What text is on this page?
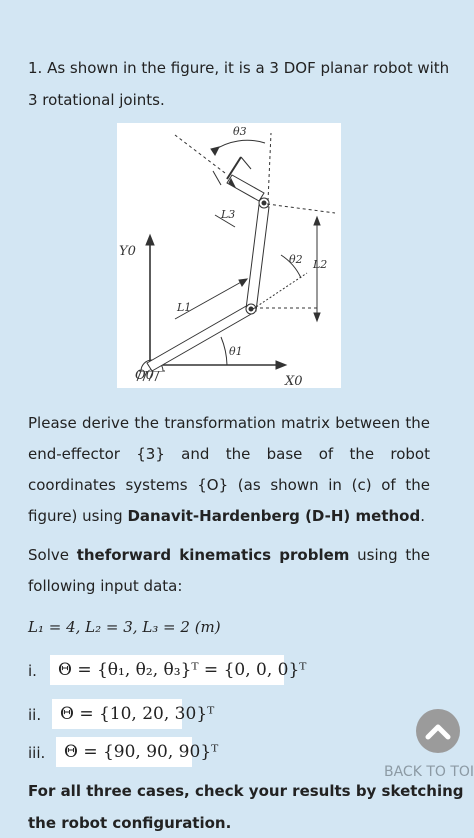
1. As shown in the figure, it is a 3 DOF planar robot with
3 rotational joints.
θ3
L3
Y0
θ2 L2
L1
θ1
X0
O0
Please derive the transformation matrix between the end-effector {3} and the base of the robot coordinates systems {O} (as shown in (c) of the figure) using Danavit-Hardenberg (D-H) method.
Solve theforward kinematics problem using the following input data:
L₁ = 4, L₂ = 3, L₃ = 2 (m)
i.	Θ = {θ₁, θ₂, θ₃}ᵀ = {0, 0, 0}ᵀ
ii.	Θ = {10, 20, 30}ᵀ
iii.	Θ = {90, 90, 90}ᵀ
BACK TO TOI
For all three cases, check your results by sketching
the robot configuration.
